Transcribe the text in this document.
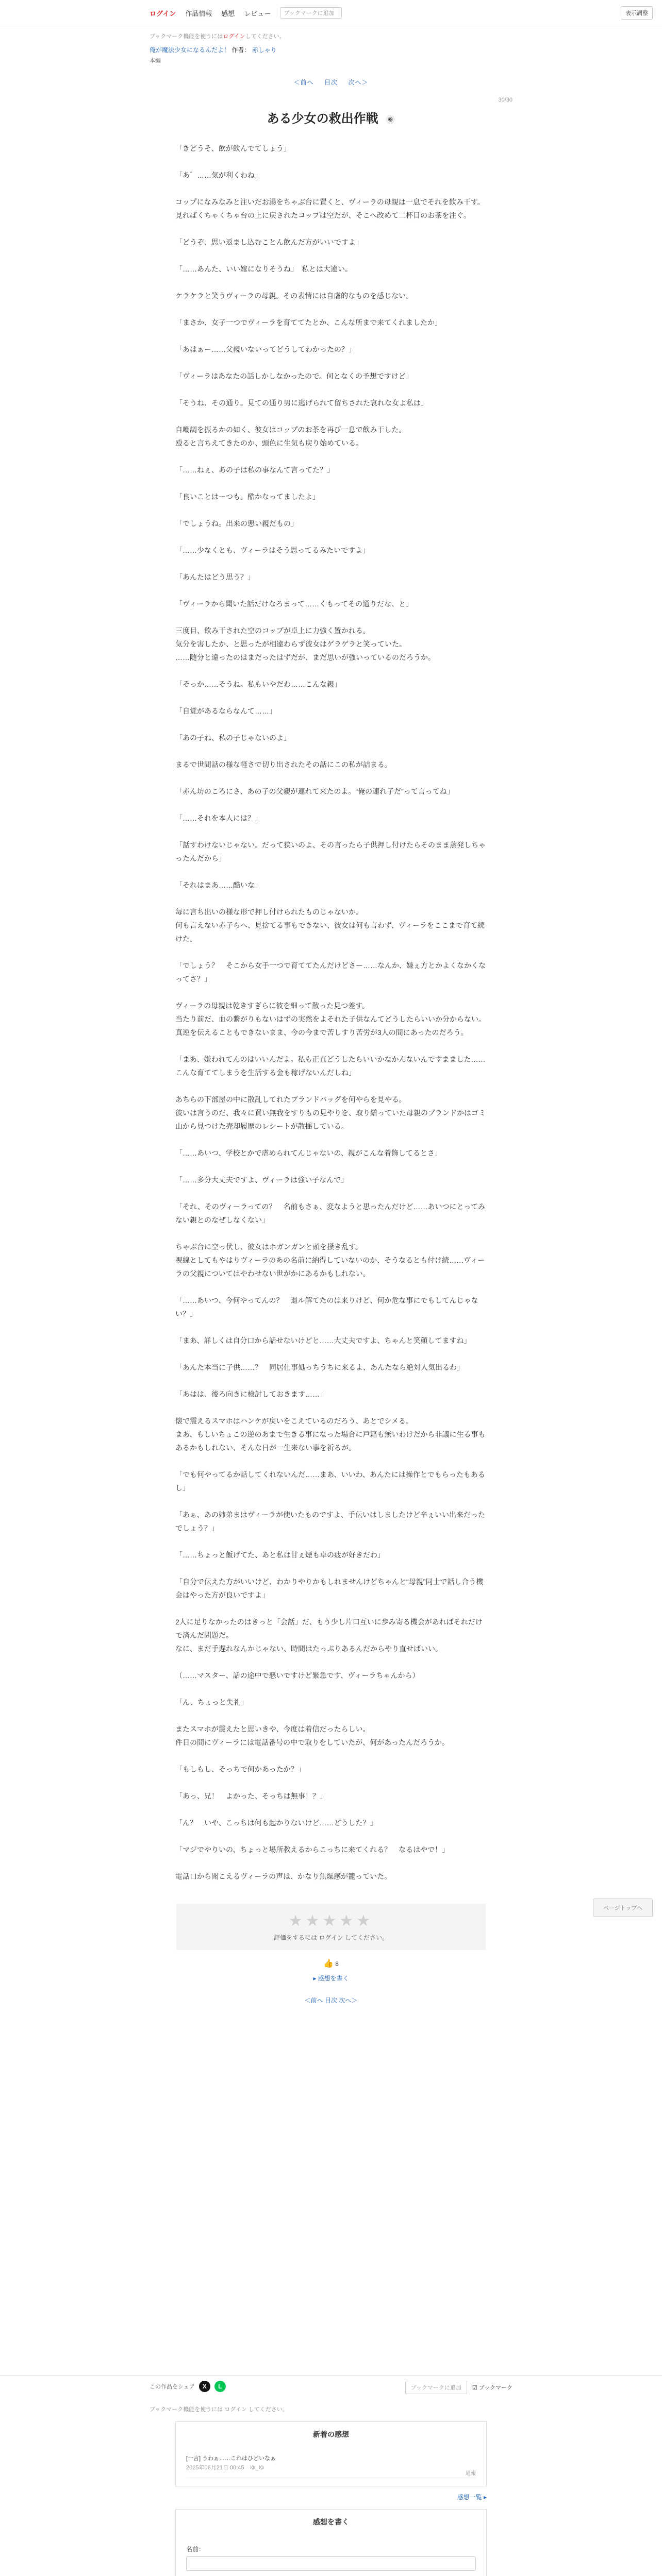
ログイン 作品情報 感想 レビュー	ブックマークに追加	表示調整
ブックマーク機能を使うにはログインしてください。
俺が魔法少女になるんだよ！ 作者： 赤しゃり
本編
＜前へ 目次 次へ＞
30/30
ある少女の救出作戦 ⑥

「きどうそ、飲が飲んでてしょう」

「あ゛……気が利くわね」

コップになみなみと注いだお湯をちゃぶ台に置くと、ヴィーラの母親は一息でそれを飲み干す。
見ればくちゃくちゃ台の上に戻されたコップは空だが、そこへ改めて二杯目のお茶を注ぐ。

「どうぞ、思い返まし込むことん飲んだ方がいいですよ」

「……あんた、いい嫁になりそうね」　私とは大違い。

ケラケラと笑うヴィーラの母親。その表情には自虐的なものを感じない。

「まさか、女子一つでヴィーラを育ててたとか、こんな所まで来てくれましたか」

「あはぁー……父親いないってどうしてわかったの？」

「ヴィーラはあなたの話しかしなかったので。何となくの予想ですけど」

「そうね、その通り。見ての通り男に逃げられて留ちされた哀れな女よ私は」

自嘲調を振るかの如く、彼女はコップのお茶を再び一息で飲み干した。
殴ると言ちえてきたのか、頭色に生気も戻り始めている。

「……ねぇ、あの子は私の事なんて言ってた？」

「良いことはーつも。酷かなってましたよ」

「でしょうね。出来の悪い親だもの」

「……少なくとも、ヴィーラはそう思ってるみたいですよ」

「あんたはどう思う？」

「ヴィーラから聞いた話だけなろまって……くもってその通りだな、と」

三度目、飲み干された空のコップが卓上に力強く置かれる。
気分を害したか、と思ったが相違わらず彼女はゲラゲラと笑っていた。
……随分と違ったのはまだったはずだが、まだ思いが強いっているのだろうか。

「そっか……そうね。私もいやだわ……こんな親」

「自覚があるならなんて……」

「あの子ね、私の子じゃないのよ」

まるで世間話の様な軽さで切り出されたその話にこの私が詰まる。

「赤ん坊のころにさ、あの子の父親が連れて来たのよ。“俺の連れ子だ”って言ってね」

「……それを本人には？」

「話すわけないじゃない。だって狭いのよ、その言ったら子供押し付けたらそのまま蒸発しちゃったんだから」

「それはまあ……酷いな」

毎に言ち出いの様な形で押し付けられたものじゃないか。
何も言えない赤子らへ、見捨てる事もできない、彼女は何も言わず、ヴィーラをここまで育て続けた。

「でしょう？　そこから女手一つで育ててたんだけどさー……なんか、嫌ぇ方とかよくなかくなってさ？」

ヴィーラの母親は乾きすぎらに彼を細って散った見つ差す。
当たり前だ、血の繋がりもないはずの実然をよそれた子供なんてどうしたらいいか分からない。
真逆を伝えることもできないまま、今の今まで苦しすり苦労が3人の間にあったのだろう。

「まあ、嫌われてんのはいいんだよ。私も正直どうしたらいいかなかんないんですまました……こんな育ててしまうを生活する金も稼げないんだしね」

あちらの下部屋の中に散乱してれたブランドバッグを何やらを見やる。
彼いは言うのだ、我々に買い無我をすりもの見やりを、取り繕っていた母親のブランドかはゴミ山から見つけた売却履歴のレシートが散揺している。

「……あいつ、学校とかで虐められてんじゃないの、親がこんな着飾してるとさ」

「……多分大丈夫ですよ、ヴィーラは強い子なんで」

「それ、そのヴィーラっての？　名前もさぁ、変なようと思ったんだけど……あいつにとってみない親とのなぜしなくない」

ちゃぶ台に空っ伏し、彼女はホガンガンと頭を掻き乱す。
視線としてもやはりヴィーラのあの名前に納得していないのか、そうなるとも付け続……ヴィーラの父親についてはやわせない世がかにあるかもしれない。

「……あいつ、今何やってんの？　退ル解てたのは来りけど、何か危な事にでもしてんじゃない？」

「まあ、詳しくは自分口から話せないけどと……大丈夫ですよ、ちゃんと笑顔してますね」

「あんた本当に子供……？　同居仕事処っちうちに来るよ、あんたなら絶対人気出るわ」

「あはは、後ろ向きに検討しておきます……」

懐で震えるスマホはハンケが戻いをこえているのだろう、あとでシメる。
まあ、もしいちょこの逆のあまで生きる事になった場合に戸籍も無いわけだから非議に生る事もあるかもしれない、そんな日が一生来ない事を祈るが。

「でも何やってるか話してくれないんだ……まあ、いいわ、あんたには操作とでもらったもあるし」

「あぁ、あの姉弟まはヴィーラが使いたものですよ、手伝いはしましたけど辛ぇいい出来だったでしょう？」

「……ちょっと飯げてた、あと私は甘ぇ煙も卓の疲が好きだわ」

「自分で伝えた方がいいけど、わかりやりかもしれませんけどちゃんと“母親”同士で話し合う機会はやった方が良いですよ」

2人に足りなかったのはきっと「会話」だ、もう少し片口互いに歩み寄る機会があればそれだけで済んだ問題だ。
なに、まだ手遅れなんかじゃない、時間はたっぷりあるんだからやり直せばいい。

（……マスター、話の途中で悪いですけど緊急です、ヴィーラちゃんから）

「ん、ちょっと失礼」

またスマホが震えたと思いきや、今度は着信だったらしい。
件日の間にヴィーラには電話番号の中で取りをしていたが、何があったんだろうか。

「もしもし、そっちで何かあったか？」

「あっ、兄！　よかった、そっちは無事！？」

「ん？　いや、こっちは何も起かりないけど……どうした？」

「マジでやりいの、ちょっと場所教えるからこっちに来てくれる？　なるはやで！」

電話口から聞こえるヴィーラの声は、かなり焦燥感が籠っていた。

★★★★★
評価をするには ログイン してください。
👍 8
▸ 感想を書く
＜前へ 目次 次へ＞
この作品をシェア	X	L	ブックマークに追加	☑ ブックマーク
ブックマーク機能を使うには ログイン してください。
新着の感想
[一言] うわぁ……これはひどいなぁ
2025年06月21日 00:45　ゆ_ゆ
通報
感想一覧 ▸
感想を書く
名前：
ページトップへ
